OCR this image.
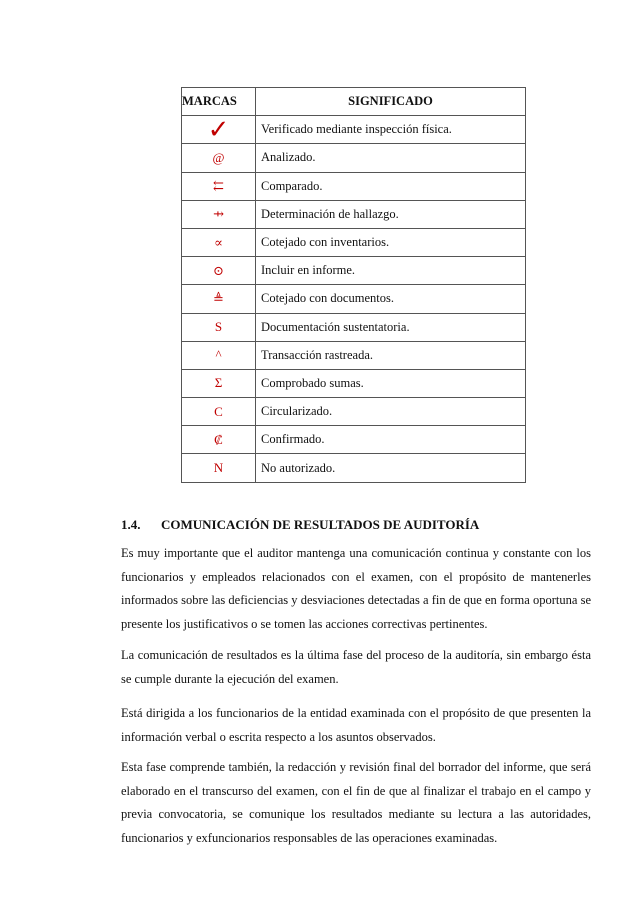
MARCAS	SIGNIFICADO
✓	Verificado mediante inspección física.
@	Analizado.
⇇	Comparado.
⇸	Determinación de hallazgo.
∝	Cotejado con inventarios.
⊙	Incluir en informe.
≜	Cotejado con documentos.
S	Documentación sustentatoria.
^	Transacción rastreada.
Σ	Comprobado sumas.
C	Circularizado.
₡	Confirmado.
N	No autorizado.
1.4. COMUNICACIÓN DE RESULTADOS DE AUDITORÍA

Es muy importante que el auditor mantenga una comunicación continua y constante con los funcionarios y empleados relacionados con el examen, con el propósito de mantenerles informados sobre las deficiencias y desviaciones detectadas a fin de que en forma oportuna se presente los justificativos o se tomen las acciones correctivas pertinentes.

La comunicación de resultados es la última fase del proceso de la auditoría, sin embargo ésta se cumple durante la ejecución del examen.

Está dirigida a los funcionarios de la entidad examinada con el propósito de que presenten la información verbal o escrita respecto a los asuntos observados.

Esta fase comprende también, la redacción y revisión final del borrador del informe, que será elaborado en el transcurso del examen, con el fin de que al finalizar el trabajo en el campo y previa convocatoria, se comunique los resultados mediante su lectura a las autoridades, funcionarios y exfuncionarios responsables de las operaciones examinadas.
